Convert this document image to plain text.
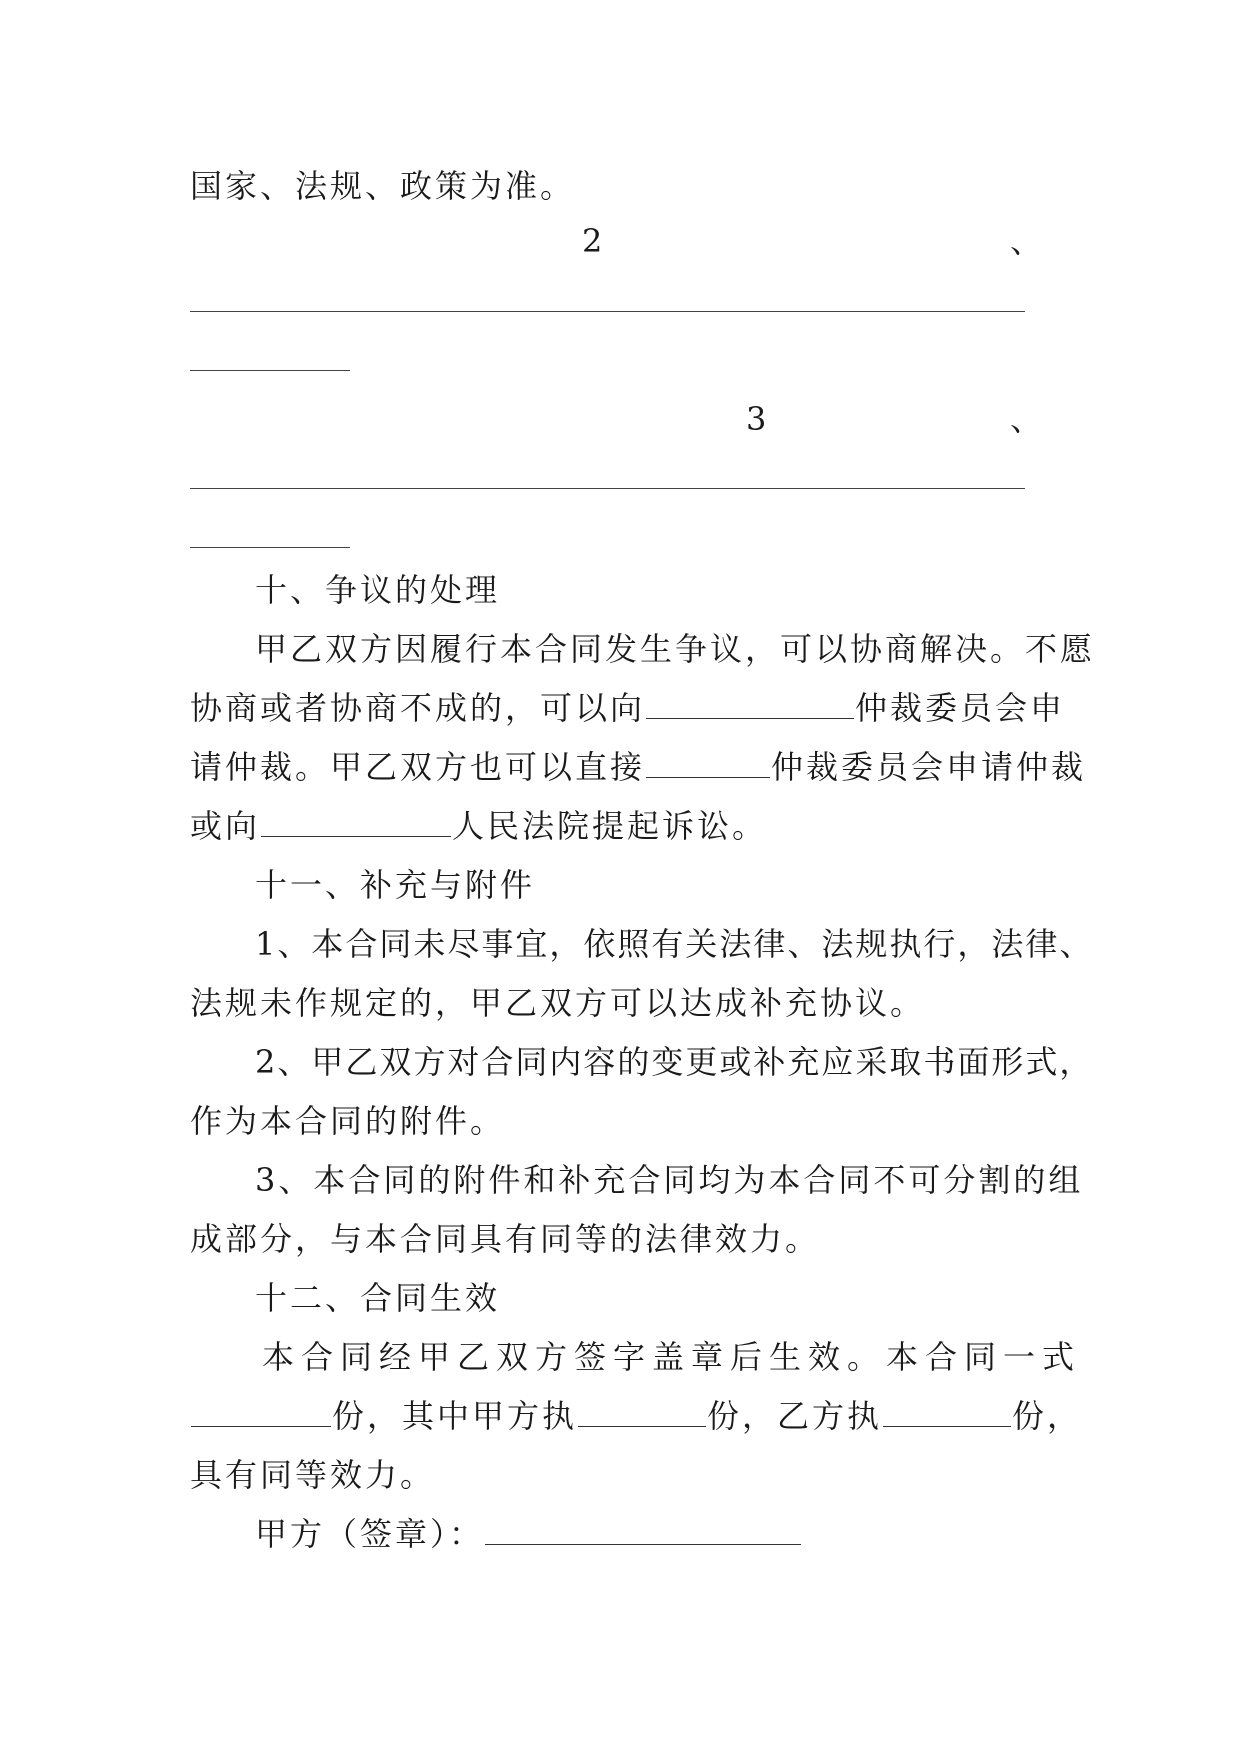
国家、法规、政策为准。
2	、
3	、
十、争议的处理
甲乙双方因履行本合同发生争议，可以协商解决。不愿
协商或者协商不成的，可以向	仲裁委员会申
请仲裁。甲乙双方也可以直接	仲裁委员会申请仲裁
或向	人民法院提起诉讼。
十一、补充与附件
1、本合同未尽事宜，依照有关法律、法规执行，法律、
法规未作规定的，甲乙双方可以达成补充协议。
2、甲乙双方对合同内容的变更或补充应采取书面形式，
作为本合同的附件。
3、本合同的附件和补充合同均为本合同不可分割的组
成部分，与本合同具有同等的法律效力。
十二、合同生效
本合同经甲乙双方签字盖章后生效。本合同一式
份，其中甲方执	份，乙方执	份，
具有同等效力。
甲方（签章）：
